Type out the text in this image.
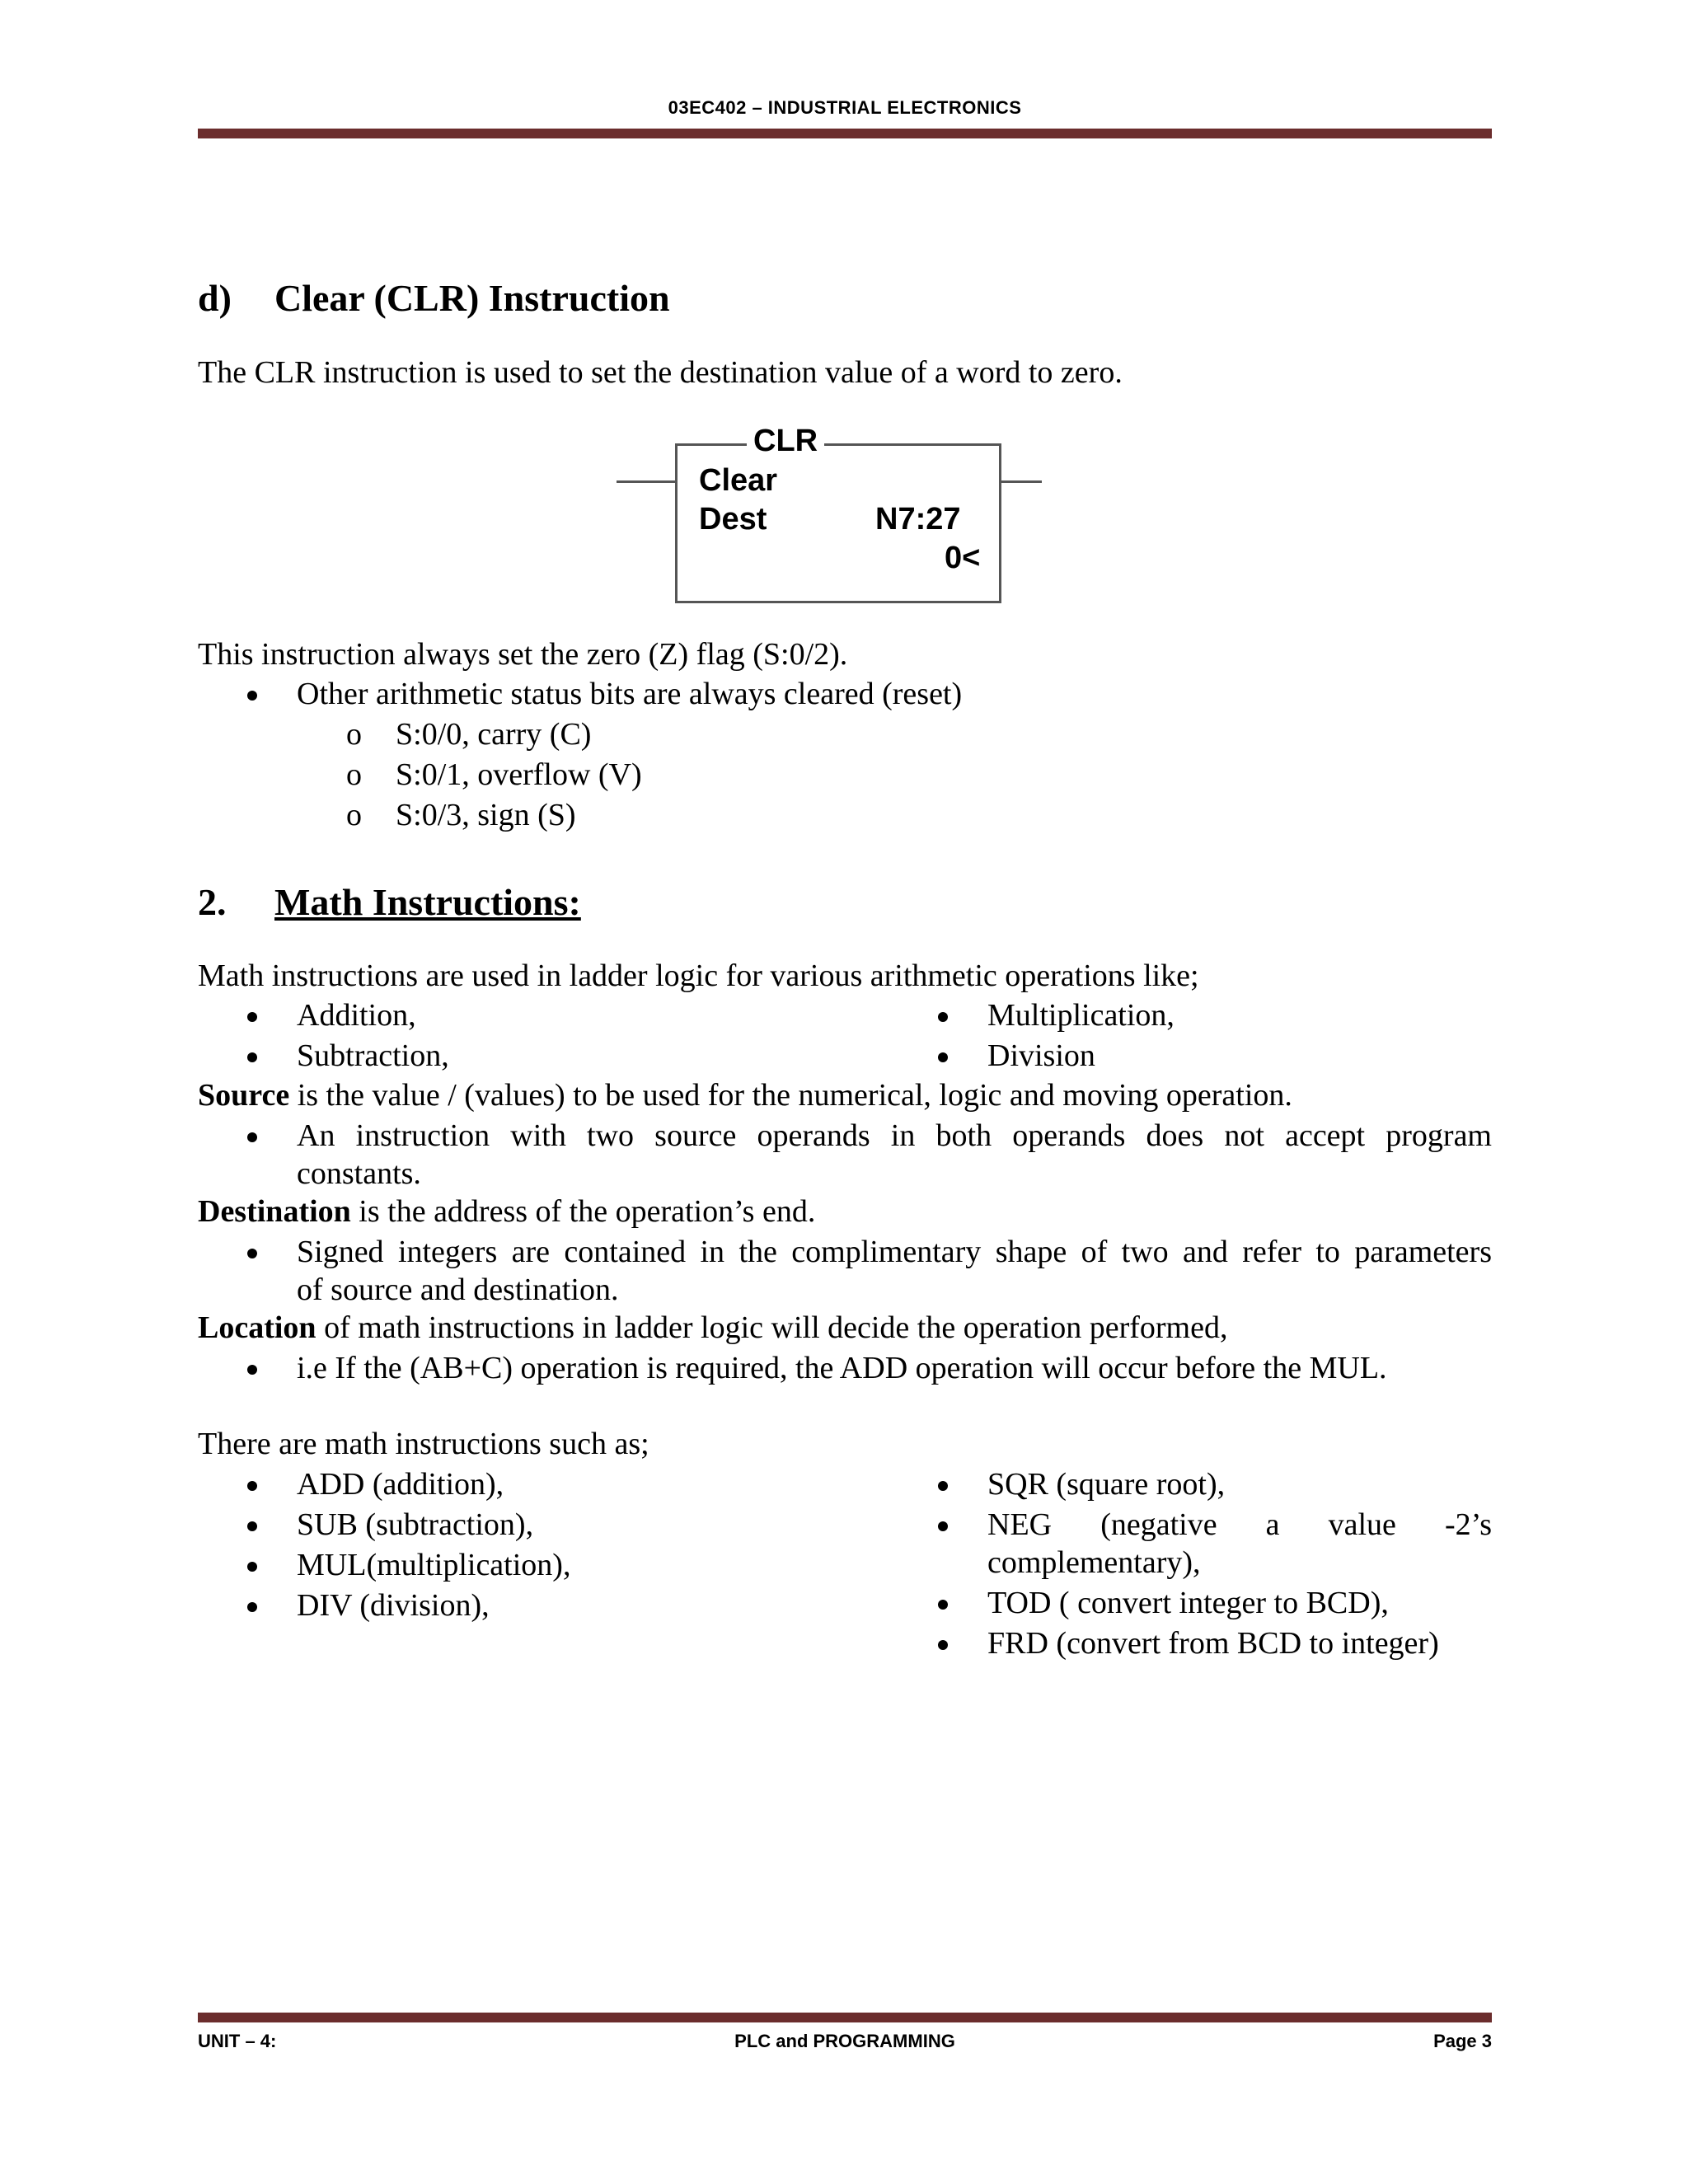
03EC402 – INDUSTRIAL ELECTRONICS
CLR
Clear
Dest	N7:27
0<
d) Clear (CLR) Instruction

The CLR instruction is used to set the destination value of a word to zero.

This instruction always set the zero (Z) flag (S:0/2).

Other arithmetic status bits are always cleared (reset)

o S:0/0, carry (C)

o S:0/1, overflow (V)

o S:0/3, sign (S)

2. Math Instructions:

Math instructions are used in ladder logic for various arithmetic operations like;

Addition,

Subtraction,

Multiplication,

Division

Source is the value / (values) to be used for the numerical, logic and moving operation.

An instruction with two source operands in both operands does not accept program

constants.

Destination is the address of the operation’s end.

Signed integers are contained in the complimentary shape of two and refer to parameters

of source and destination.

Location of math instructions in ladder logic will decide the operation performed,

i.e If the (AB+C) operation is required, the ADD operation will occur before the MUL.

There are math instructions such as;

ADD (addition),

SUB (subtraction),

MUL(multiplication),

DIV (division),

SQR (square root),

NEG (negative a value -2’s

complementary),

TOD ( convert integer to BCD),

FRD (convert from BCD to integer)

UNIT – 4:	PLC and PROGRAMMING	Page 3
